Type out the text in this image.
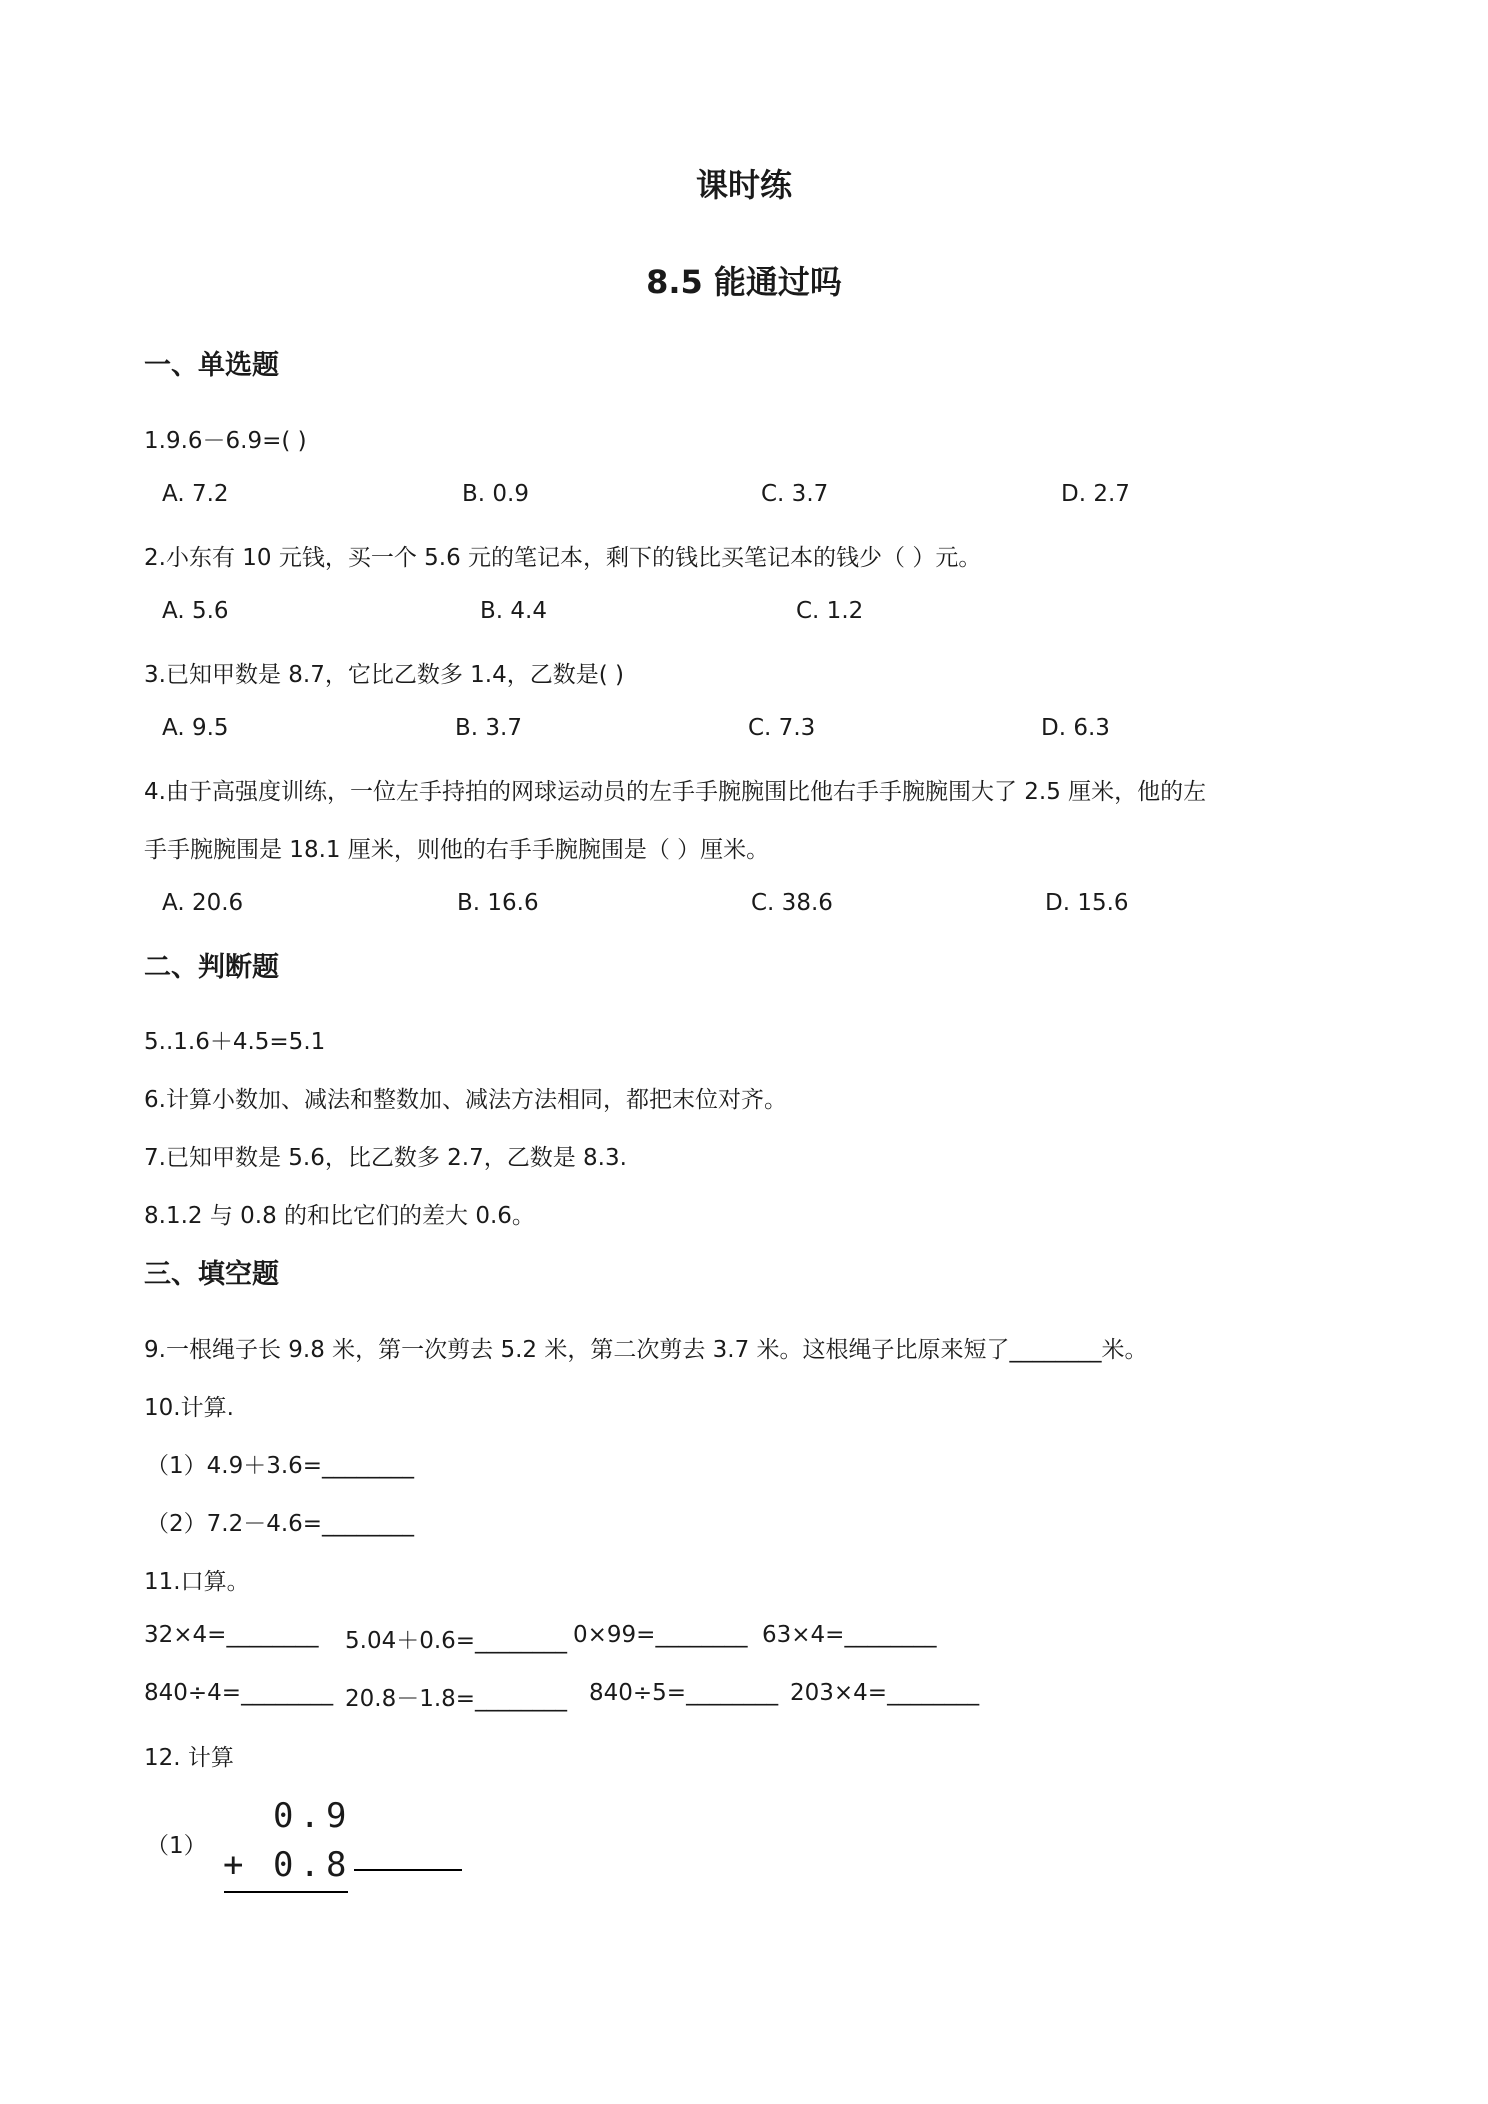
课时练
8.5 能通过吗
一、单选题
1.9.6－6.9=( )
A. 7.2	B. 0.9	C. 3.7	D. 2.7
2.小东有 10 元钱，买一个 5.6 元的笔记本，剩下的钱比买笔记本的钱少（ ）元。
A. 5.6	B. 4.4	C. 1.2
3.已知甲数是 8.7，它比乙数多 1.4，乙数是( )
A. 9.5	B. 3.7	C. 7.3	D. 6.3
4.由于高强度训练，一位左手持拍的网球运动员的左手手腕腕围比他右手手腕腕围大了 2.5 厘米，他的左
手手腕腕围是 18.1 厘米，则他的右手手腕腕围是（ ）厘米。
A. 20.6	B. 16.6	C. 38.6	D. 15.6
二、判断题
5..1.6＋4.5=5.1
6.计算小数加、减法和整数加、减法方法相同，都把末位对齐。
7.已知甲数是 5.6，比乙数多 2.7，乙数是 8.3.
8.1.2 与 0.8 的和比它们的差大 0.6。
三、填空题
9.一根绳子长 9.8 米，第一次剪去 5.2 米，第二次剪去 3.7 米。这根绳子比原来短了________米。
10.计算.
（1）4.9＋3.6=________
（2）7.2－4.6=________
11.口算。
32×4=________ 5.04＋0.6=________ 0×99=________ 63×4=________
840÷4=________ 20.8－1.8=________ 840÷5=________ 203×4=________
12. 计算
（1）
0.9
+ 0.8
